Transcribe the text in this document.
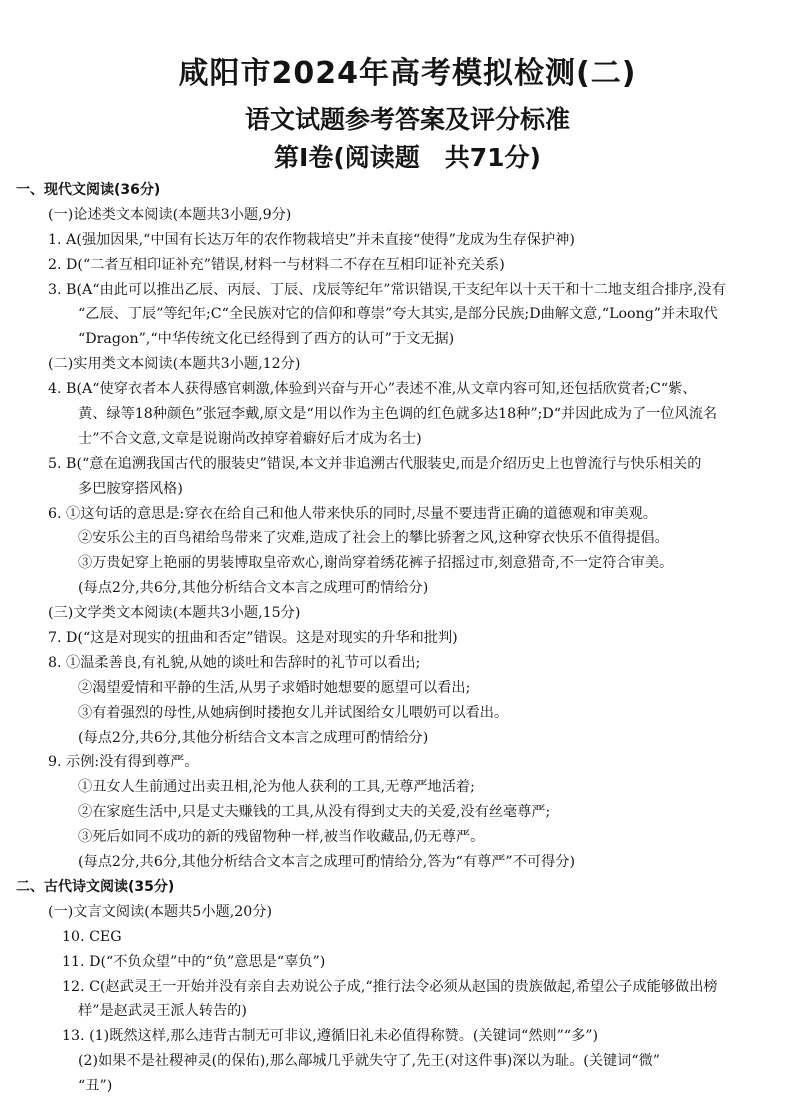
咸阳市2024年高考模拟检测(二)
语文试题参考答案及评分标准
第Ⅰ卷(阅读题　共71分)
一、现代文阅读(36分)
(一)论述类文本阅读(本题共3小题,9分)
1. A(强加因果,“中国有长达万年的农作物栽培史”并未直接“使得”龙成为生存保护神)
2. D(“二者互相印证补充”错误,材料一与材料二不存在互相印证补充关系)
3. B(A“由此可以推出乙辰、丙辰、丁辰、戊辰等纪年”常识错误,干支纪年以十天干和十二地支组合排序,没有
“乙辰、丁辰”等纪年;C“全民族对它的信仰和尊崇”夸大其实,是部分民族;D曲解文意,“Loong”并未取代
“Dragon”,“中华传统文化已经得到了西方的认可”于文无据)
(二)实用类文本阅读(本题共3小题,12分)
4. B(A“使穿衣者本人获得感官刺激,体验到兴奋与开心”表述不准,从文章内容可知,还包括欣赏者;C“紫、
黄、绿等18种颜色”张冠李戴,原文是“用以作为主色调的红色就多达18种”;D“并因此成为了一位风流名
士”不合文意,文章是说谢尚改掉穿着癖好后才成为名士)
5. B(“意在追溯我国古代的服装史”错误,本文并非追溯古代服装史,而是介绍历史上也曾流行与快乐相关的
多巴胺穿搭风格)
6. ①这句话的意思是:穿衣在给自己和他人带来快乐的同时,尽量不要违背正确的道德观和审美观。
②安乐公主的百鸟裙给鸟带来了灾难,造成了社会上的攀比骄奢之风,这种穿衣快乐不值得提倡。
③万贵妃穿上艳丽的男装博取皇帝欢心,谢尚穿着绣花裤子招摇过市,刻意猎奇,不一定符合审美。
(每点2分,共6分,其他分析结合文本言之成理可酌情给分)
(三)文学类文本阅读(本题共3小题,15分)
7. D(“这是对现实的扭曲和否定”错误。这是对现实的升华和批判)
8. ①温柔善良,有礼貌,从她的谈吐和告辞时的礼节可以看出;
②渴望爱情和平静的生活,从男子求婚时她想要的愿望可以看出;
③有着强烈的母性,从她病倒时搂抱女儿并试图给女儿喂奶可以看出。
(每点2分,共6分,其他分析结合文本言之成理可酌情给分)
9. 示例:没有得到尊严。
①丑女人生前通过出卖丑相,沦为他人获利的工具,无尊严地活着;
②在家庭生活中,只是丈夫赚钱的工具,从没有得到丈夫的关爱,没有丝毫尊严;
③死后如同不成功的新的残留物种一样,被当作收藏品,仍无尊严。
(每点2分,共6分,其他分析结合文本言之成理可酌情给分,答为“有尊严”不可得分)
二、古代诗文阅读(35分)
(一)文言文阅读(本题共5小题,20分)
10. CEG
11. D(“不负众望”中的“负”意思是“辜负”)
12. C(赵武灵王一开始并没有亲自去劝说公子成,“推行法令必须从赵国的贵族做起,希望公子成能够做出榜
样”是赵武灵王派人转告的)
13. (1)既然这样,那么违背古制无可非议,遵循旧礼未必值得称赞。(关键词“然则”“多”)
(2)如果不是社稷神灵(的保佑),那么鄗城几乎就失守了,先王(对这件事)深以为耻。(关键词“微”
“丑”)
